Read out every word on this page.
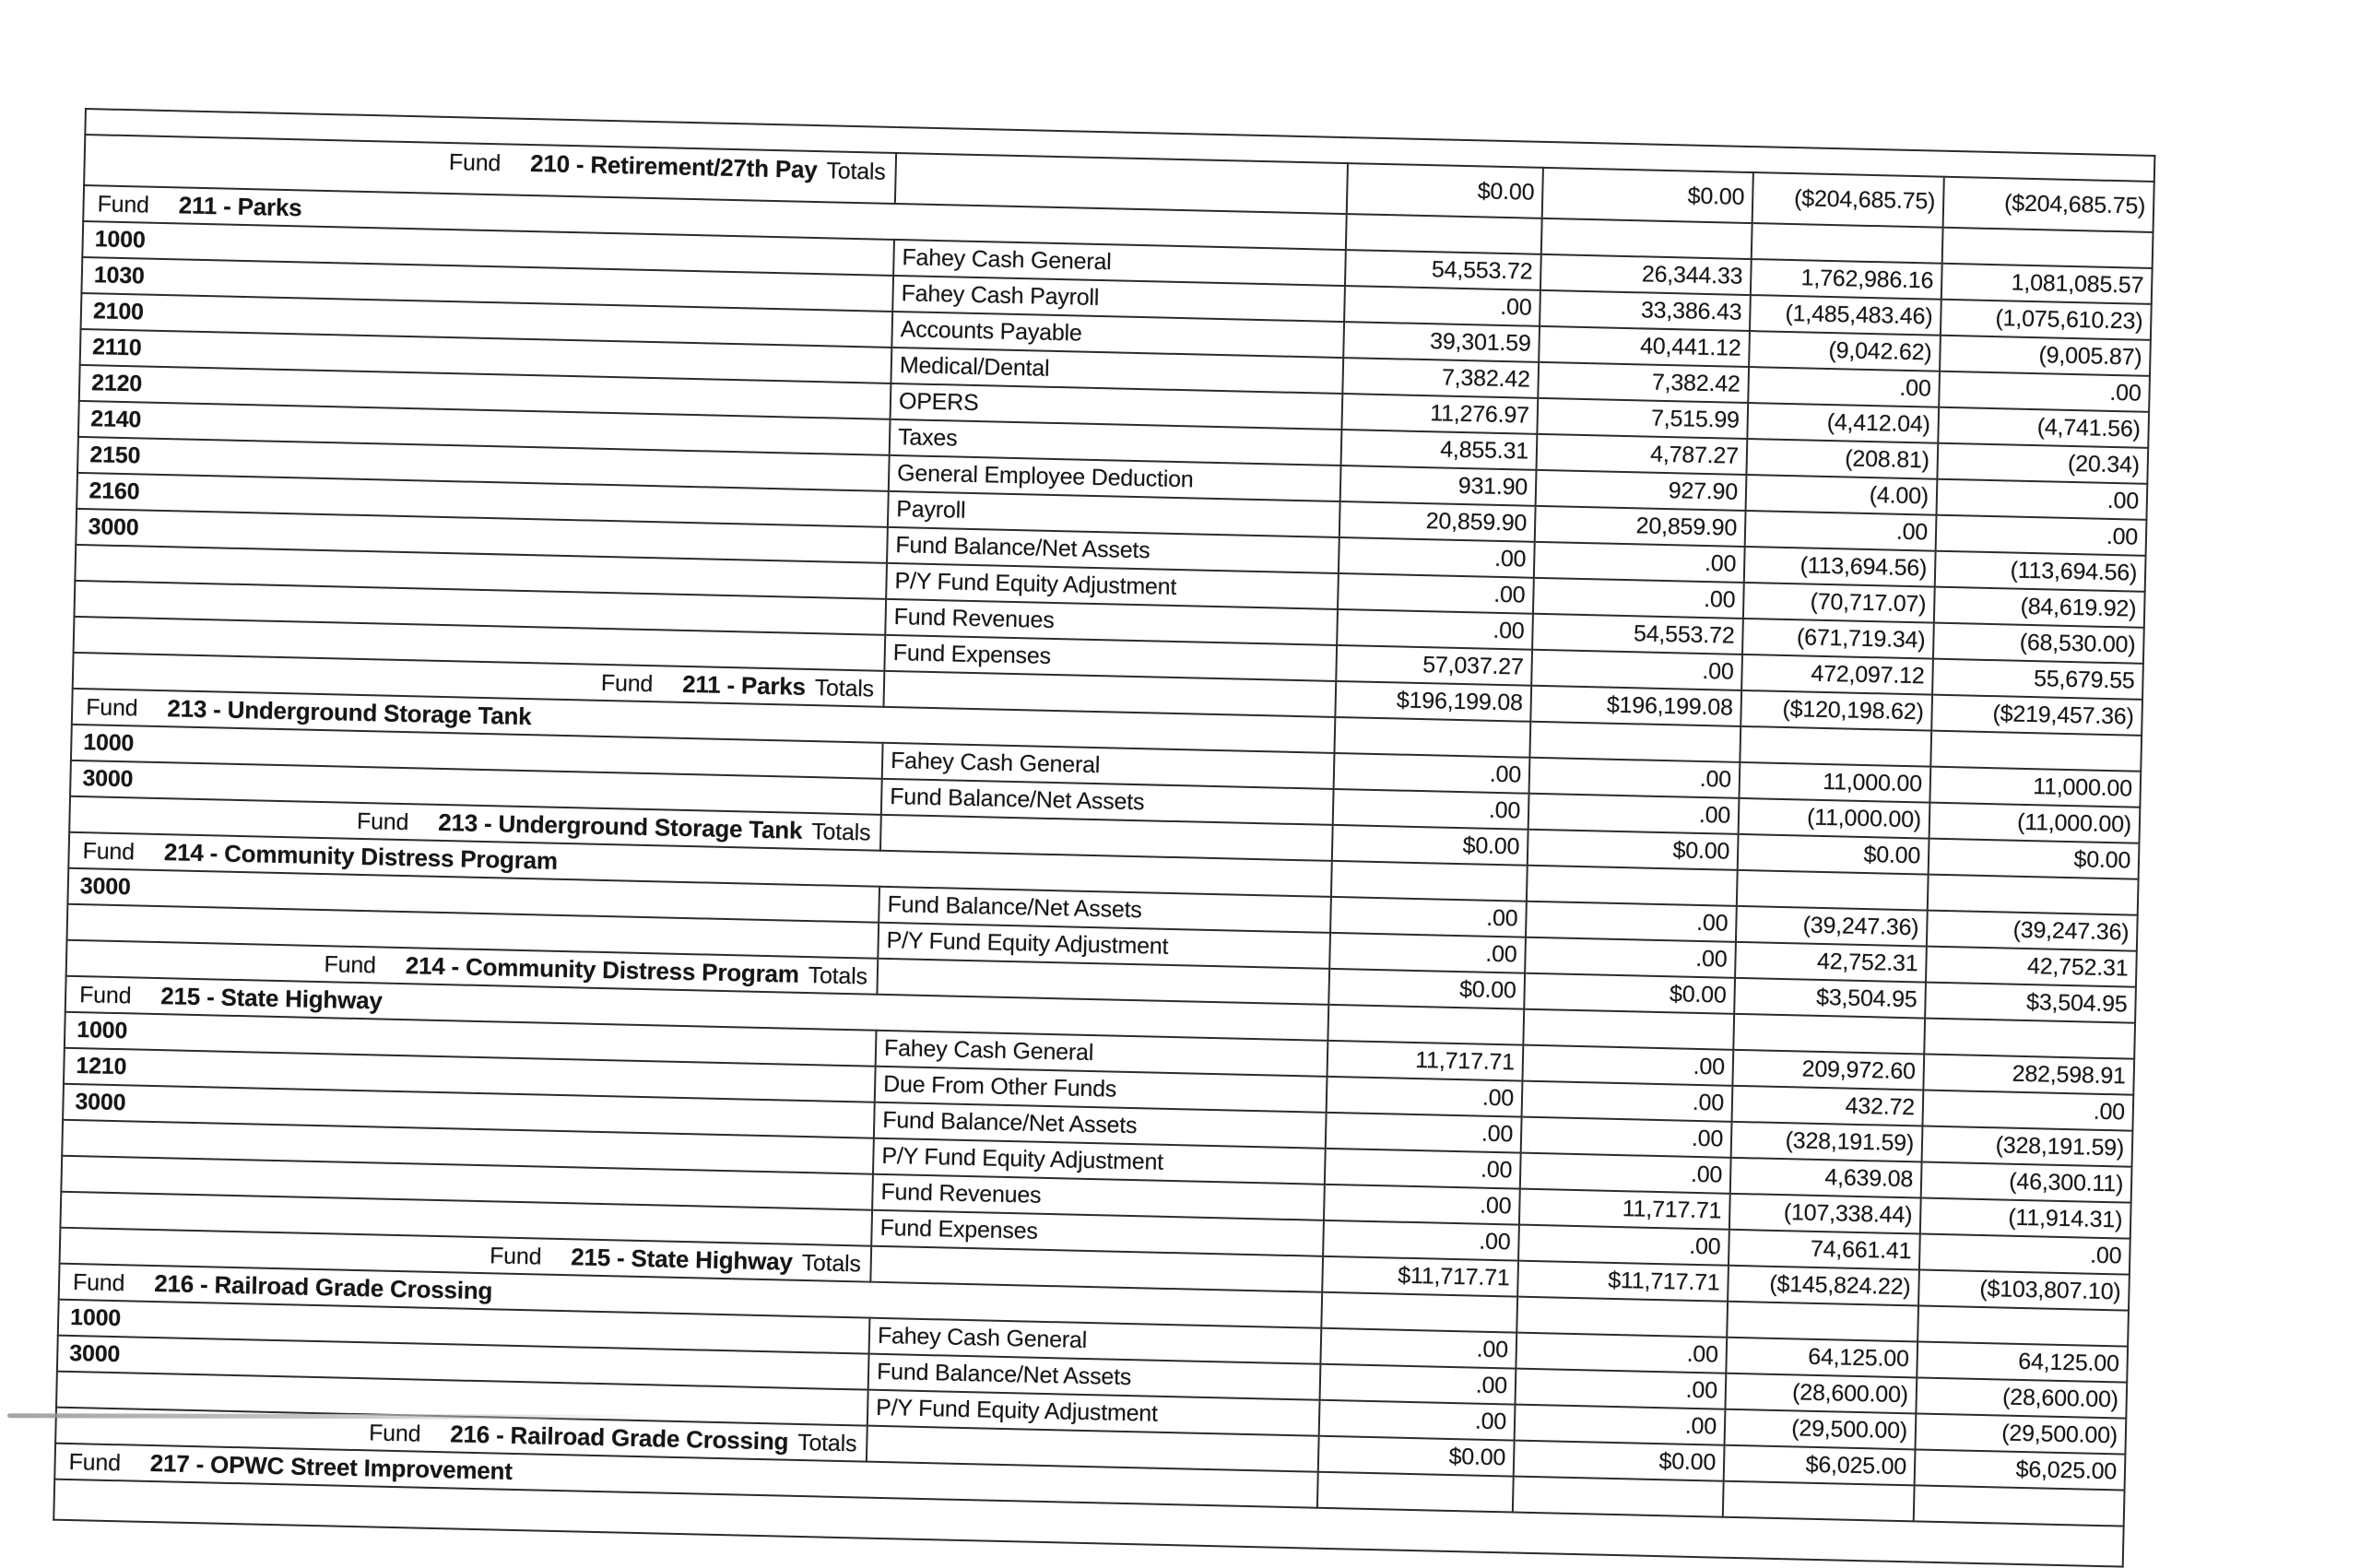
Fund 210 - Retirement/27th Pay Totals		$0.00	$0.00	($204,685.75)	($204,685.75)
Fund 211 - Parks					
1000	Fahey Cash General	54,553.72	26,344.33	1,762,986.16	1,081,085.57
1030	Fahey Cash Payroll	.00	33,386.43	(1,485,483.46)	(1,075,610.23)
2100	Accounts Payable	39,301.59	40,441.12	(9,042.62)	(9,005.87)
2110	Medical/Dental	7,382.42	7,382.42	.00	.00
2120	OPERS	11,276.97	7,515.99	(4,412.04)	(4,741.56)
2140	Taxes	4,855.31	4,787.27	(208.81)	(20.34)
2150	General Employee Deduction	931.90	927.90	(4.00)	.00
2160	Payroll	20,859.90	20,859.90	.00	.00
3000	Fund Balance/Net Assets	.00	.00	(113,694.56)	(113,694.56)
	P/Y Fund Equity Adjustment	.00	.00	(70,717.07)	(84,619.92)
	Fund Revenues	.00	54,553.72	(671,719.34)	(68,530.00)
	Fund Expenses	57,037.27	.00	472,097.12	55,679.55
Fund 211 - Parks Totals		$196,199.08	$196,199.08	($120,198.62)	($219,457.36)
Fund 213 - Underground Storage Tank					
1000	Fahey Cash General	.00	.00	11,000.00	11,000.00
3000	Fund Balance/Net Assets	.00	.00	(11,000.00)	(11,000.00)
Fund 213 - Underground Storage Tank Totals		$0.00	$0.00	$0.00	$0.00
Fund 214 - Community Distress Program					
3000	Fund Balance/Net Assets	.00	.00	(39,247.36)	(39,247.36)
	P/Y Fund Equity Adjustment	.00	.00	42,752.31	42,752.31
Fund 214 - Community Distress Program Totals		$0.00	$0.00	$3,504.95	$3,504.95
Fund 215 - State Highway					
1000	Fahey Cash General	11,717.71	.00	209,972.60	282,598.91
1210	Due From Other Funds	.00	.00	432.72	.00
3000	Fund Balance/Net Assets	.00	.00	(328,191.59)	(328,191.59)
	P/Y Fund Equity Adjustment	.00	.00	4,639.08	(46,300.11)
	Fund Revenues	.00	11,717.71	(107,338.44)	(11,914.31)
	Fund Expenses	.00	.00	74,661.41	.00
Fund 215 - State Highway Totals		$11,717.71	$11,717.71	($145,824.22)	($103,807.10)
Fund 216 - Railroad Grade Crossing					
1000	Fahey Cash General	.00	.00	64,125.00	64,125.00
3000	Fund Balance/Net Assets	.00	.00	(28,600.00)	(28,600.00)
	P/Y Fund Equity Adjustment	.00	.00	(29,500.00)	(29,500.00)
Fund 216 - Railroad Grade Crossing Totals		$0.00	$0.00	$6,025.00	$6,025.00
Fund 217 - OPWC Street Improvement					
